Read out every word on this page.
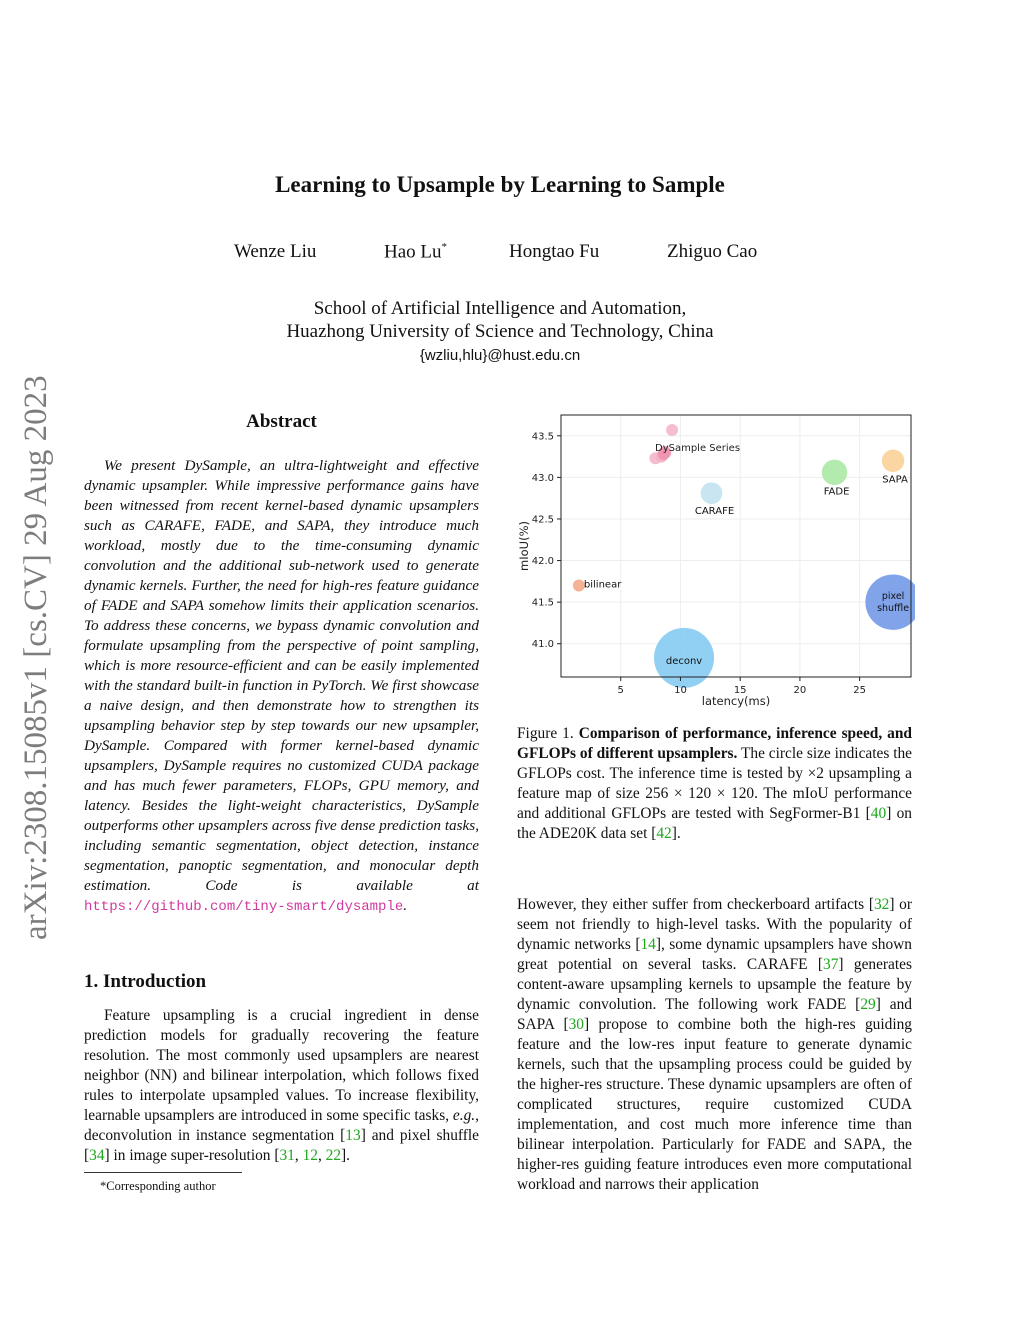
arXiv:2308.15085v1 [cs.CV] 29 Aug 2023
Learning to Upsample by Learning to Sample
Wenze Liu	Hao Lu*	Hongtao Fu	Zhiguo Cao
School of Artificial Intelligence and Automation,
Huazhong University of Science and Technology, China
{wzliu,hlu}@hust.edu.cn
Abstract
We present DySample, an ultra-lightweight and effective dynamic upsampler. While impressive performance gains have been witnessed from recent kernel-based dynamic upsamplers such as CARAFE, FADE, and SAPA, they introduce much workload, mostly due to the time-consuming dynamic convolution and the additional sub-network used to generate dynamic kernels. Further, the need for high-res feature guidance of FADE and SAPA somehow limits their application scenarios. To address these concerns, we bypass dynamic convolution and formulate upsampling from the perspective of point sampling, which is more resource-efficient and can be easily implemented with the standard built-in function in PyTorch. We first showcase a naive design, and then demonstrate how to strengthen its upsampling behavior step by step towards our new upsampler, DySample. Compared with former kernel-based dynamic upsamplers, DySample requires no customized CUDA package and has much fewer parameters, FLOPs, GPU memory, and latency. Besides the light-weight characteristics, DySample outperforms other upsamplers across five dense prediction tasks, including semantic segmentation, object detection, instance segmentation, panoptic segmentation, and monocular depth estimation. Code is available at https://github.com/tiny-smart/dysample.
1. Introduction
Feature upsampling is a crucial ingredient in dense prediction models for gradually recovering the feature resolution. The most commonly used upsamplers are nearest neighbor (NN) and bilinear interpolation, which follows fixed rules to interpolate upsampled values. To increase flexibility, learnable upsamplers are introduced in some specific tasks, e.g., deconvolution in instance segmentation [13] and pixel shuffle [34] in image super-resolution [31, 12, 22].
*Corresponding author
5	10	15	20	25
41.0
41.5
42.0
42.5
43.0
43.5
deconv
pixel shuffle
bilinear
CARAFE
FADE
SAPA
DySample Series
latency(ms)
mIoU(%)
Figure 1. Comparison of performance, inference speed, and GFLOPs of different upsamplers. The circle size indicates the GFLOPs cost. The inference time is tested by ×2 upsampling a feature map of size 256 × 120 × 120. The mIoU performance and additional GFLOPs are tested with SegFormer-B1 [40] on the ADE20K data set [42].
However, they either suffer from checkerboard artifacts [32] or seem not friendly to high-level tasks. With the popularity of dynamic networks [14], some dynamic upsamplers have shown great potential on several tasks. CARAFE [37] generates content-aware upsampling kernels to upsample the feature by dynamic convolution. The following work FADE [29] and SAPA [30] propose to combine both the high-res guiding feature and the low-res input feature to generate dynamic kernels, such that the upsampling process could be guided by the higher-res structure. These dynamic upsamplers are often of complicated structures, require customized CUDA implementation, and cost much more inference time than bilinear interpolation. Particularly for FADE and SAPA, the higher-res guiding feature introduces even more computational workload and narrows their application
